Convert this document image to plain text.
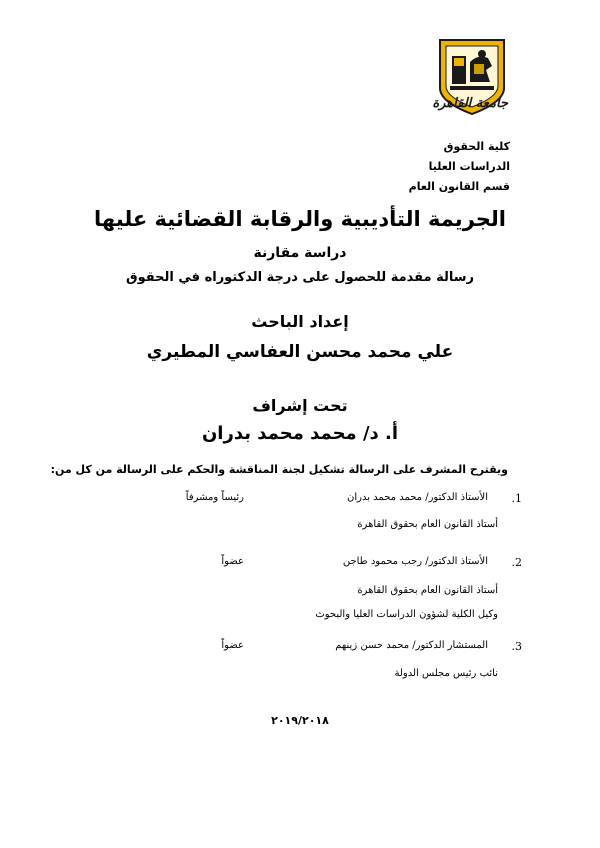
جامعة القاهرة
كلية الحقوق
الدراسات العليا
قسم القانون العام
الجريمة التأديبية والرقابة القضائية عليها
دراسة مقارنة
رسالة مقدمة للحصول على درجة الدكتوراه في الحقوق
إعداد الباحث
علي محمد محسن العفاسي المطيري
تحت إشراف
أ. د/ محمد محمد بدران
ويقترح المشرف على الرسالة تشكيل لجنة المناقشة والحكم على الرسالة من كل من:
1.
الأستاذ الدكتور/ محمد محمد بدران
رئيساً ومشرفاً
أستاذ القانون العام بحقوق القاهرة
2.
الأستاذ الدكتور/ رجب محمود طاجن
عضواً
أستاذ القانون العام بحقوق القاهرة
وكيل الكلية لشؤون الدراسات العليا والبحوث
3.
المستشار الدكتور/ محمد حسن زينهم
عضواً
نائب رئيس مجلس الدولة
٢٠١٩/٢٠١٨
